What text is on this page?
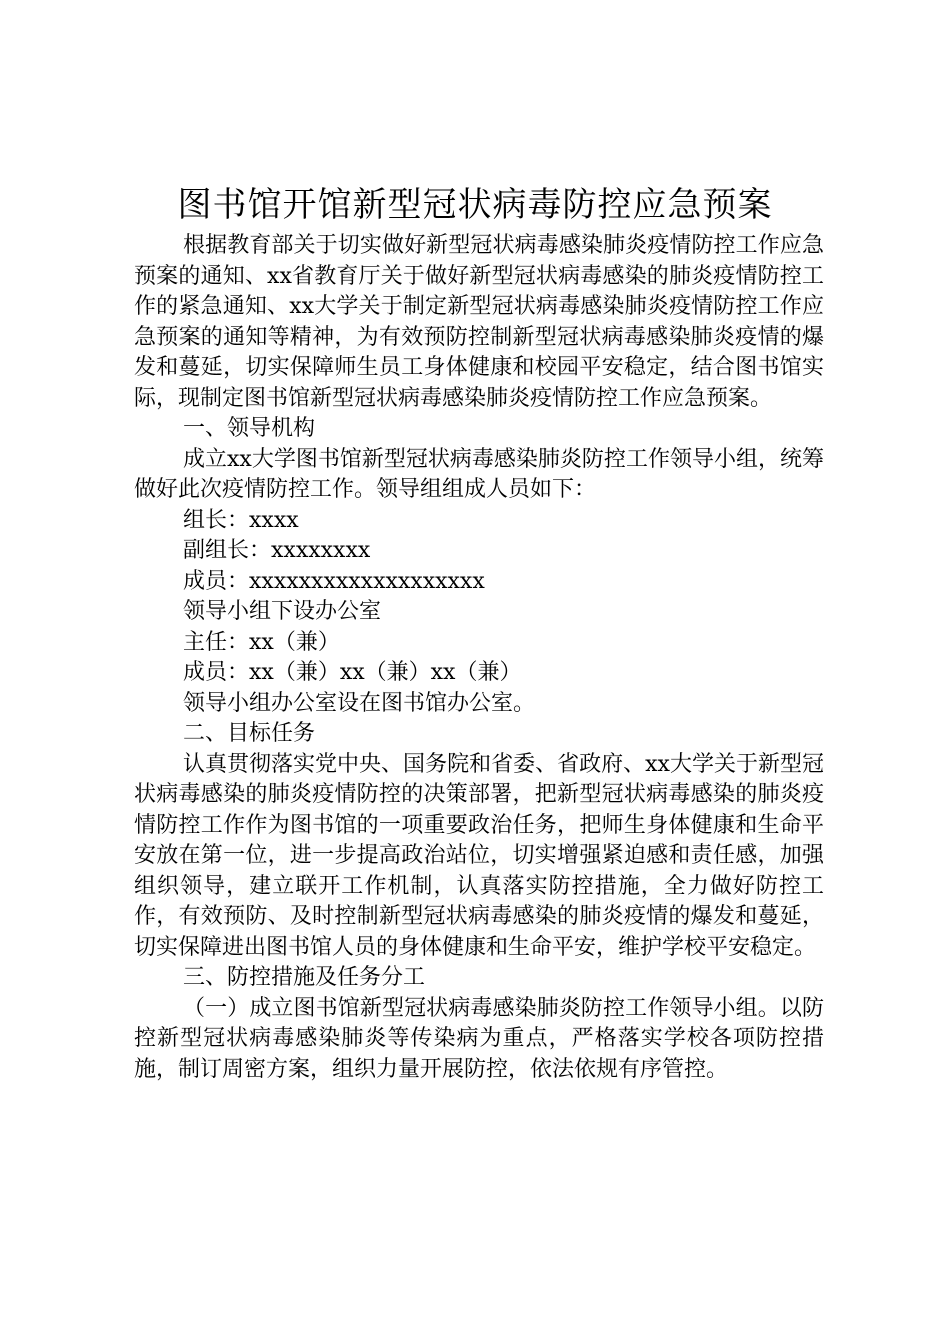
图书馆开馆新型冠状病毒防控应急预案

根据教育部关于切实做好新型冠状病毒感染肺炎疫情防控工作应急预案的通知、xx省教育厅关于做好新型冠状病毒感染的肺炎疫情防控工作的紧急通知、xx大学关于制定新型冠状病毒感染肺炎疫情防控工作应急预案的通知等精神，为有效预防控制新型冠状病毒感染肺炎疫情的爆发和蔓延，切实保障师生员工身体健康和校园平安稳定，结合图书馆实际，现制定图书馆新型冠状病毒感染肺炎疫情防控工作应急预案。

一、领导机构

成立xx大学图书馆新型冠状病毒感染肺炎防控工作领导小组，统筹做好此次疫情防控工作。领导组组成人员如下：

组长：xxxx

副组长：xxxxxxxx

成员：xxxxxxxxxxxxxxxxxxx

领导小组下设办公室

主任：xx（兼）

成员：xx（兼）xx（兼）xx（兼）

领导小组办公室设在图书馆办公室。

二、目标任务

认真贯彻落实党中央、国务院和省委、省政府、xx大学关于新型冠状病毒感染的肺炎疫情防控的决策部署，把新型冠状病毒感染的肺炎疫情防控工作作为图书馆的一项重要政治任务，把师生身体健康和生命平安放在第一位，进一步提高政治站位，切实增强紧迫感和责任感，加强组织领导，建立联开工作机制，认真落实防控措施，全力做好防控工作，有效预防、及时控制新型冠状病毒感染的肺炎疫情的爆发和蔓延，切实保障进出图书馆人员的身体健康和生命平安，维护学校平安稳定。

三、防控措施及任务分工

（一）成立图书馆新型冠状病毒感染肺炎防控工作领导小组。以防控新型冠状病毒感染肺炎等传染病为重点，严格落实学校各项防控措施，制订周密方案，组织力量开展防控，依法依规有序管控。
